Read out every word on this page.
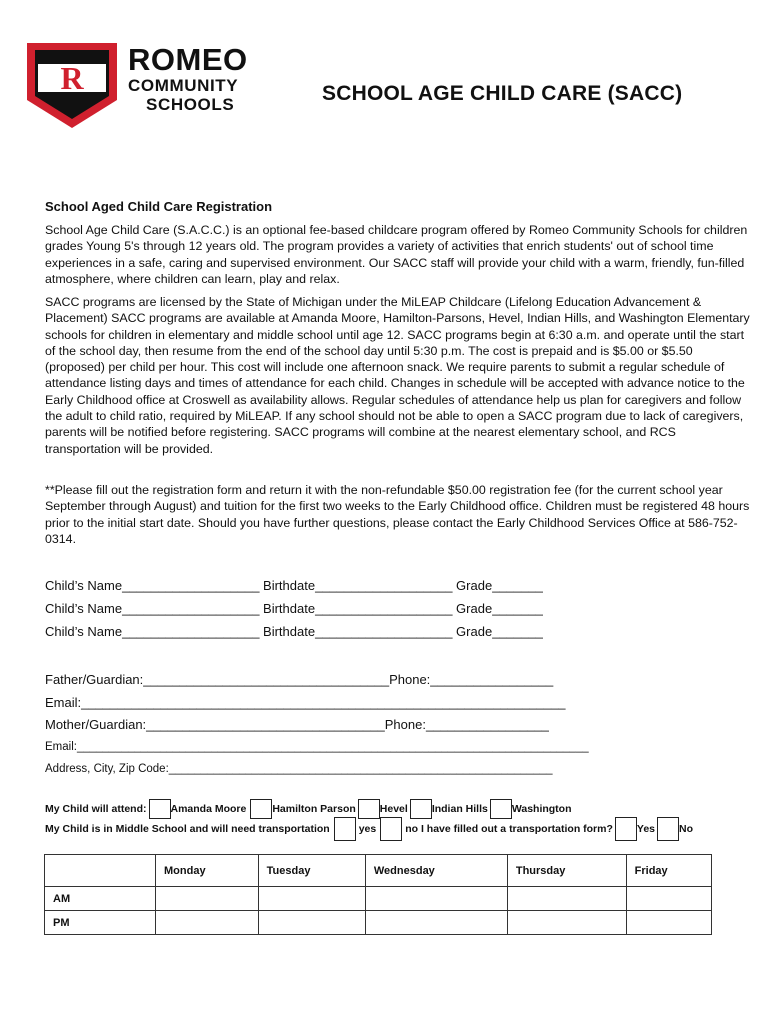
R
ROMEO
COMMUNITY
SCHOOLS	SCHOOL AGE CHILD CARE (SACC)
School Aged Child Care Registration
School Age Child Care (S.A.C.C.) is an optional fee-based childcare program offered by Romeo Community Schools for children grades Young 5's through 12 years old. The program provides a variety of activities that enrich students' out of school time experiences in a safe, caring and supervised environment. Our SACC staff will provide your child with a warm, friendly, fun-filled atmosphere, where children can learn, play and relax.
SACC programs are licensed by the State of Michigan under the MiLEAP Childcare (Lifelong Education Advancement & Placement) SACC programs are available at Amanda Moore, Hamilton-Parsons, Hevel, Indian Hills, and Washington Elementary schools for children in elementary and middle school until age 12. SACC programs begin at 6:30 a.m. and operate until the start of the school day, then resume from the end of the school day until 5:30 p.m. The cost is prepaid and is $5.00 or $5.50 (proposed) per child per hour. This cost will include one afternoon snack. We require parents to submit a regular schedule of attendance listing days and times of attendance for each child. Changes in schedule will be accepted with advance notice to the Early Childhood office at Croswell as availability allows. Regular schedules of attendance help us plan for caregivers and follow the adult to child ratio, required by MiLEAP. If any school should not be able to open a SACC program due to lack of caregivers, parents will be notified before registering. SACC programs will combine at the nearest elementary school, and RCS transportation will be provided.
**Please fill out the registration form and return it with the non-refundable $50.00 registration fee (for the current school year September through August) and tuition for the first two weeks to the Early Childhood office. Children must be registered 48 hours prior to the initial start date. Should you have further questions, please contact the Early Childhood Services Office at 586-752-0314.
Child’s Name___________________ Birthdate___________________ Grade_______
Child’s Name___________________ Birthdate___________________ Grade_______
Child’s Name___________________ Birthdate___________________ Grade_______
Father/Guardian:__________________________________Phone:_________________
Email:___________________________________________________________________
Mother/Guardian:_________________________________Phone:_________________
Email:________________________________________________________________________________
Address, City, Zip Code:____________________________________________________________
My Child will attend: Amanda Moore Hamilton Parson Hevel Indian Hills Washington
My Child is in Middle School and will need transportation	yes	no I have filled out a transportation form? Yes No
	Monday	Tuesday	Wednesday	Thursday	Friday
AM					
PM					
